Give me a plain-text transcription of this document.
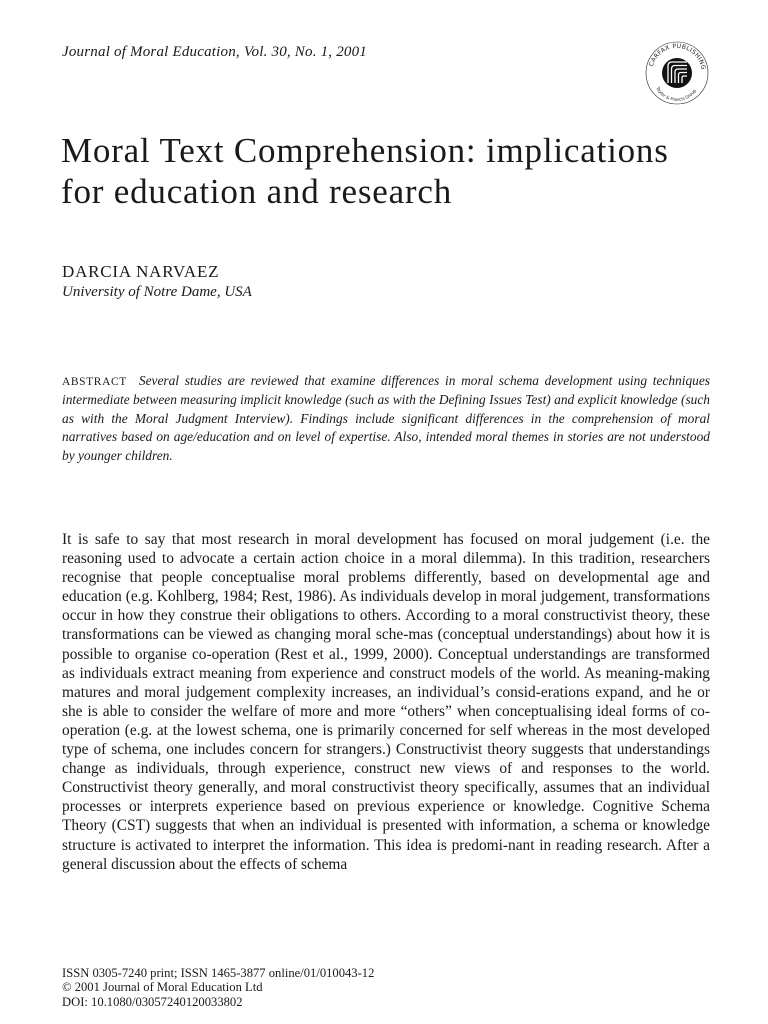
Journal of Moral Education, Vol. 30, No. 1, 2001
CARFAX PUBLISHING
Taylor & Francis Group
Moral Text Comprehension: implications for education and research
DARCIA NARVAEZ
University of Notre Dame, USA
ABSTRACT Several studies are reviewed that examine differences in moral schema development using techniques intermediate between measuring implicit knowledge (such as with the Defining Issues Test) and explicit knowledge (such as with the Moral Judgment Interview). Findings include significant differences in the comprehension of moral narratives based on age/education and on level of expertise. Also, intended moral themes in stories are not understood by younger children.

It is safe to say that most research in moral development has focused on moral judgement (i.e. the reasoning used to advocate a certain action choice in a moral dilemma). In this tradition, researchers recognise that people conceptualise moral problems differently, based on developmental age and education (e.g. Kohlberg, 1984; Rest, 1986). As individuals develop in moral judgement, transformations occur in how they construe their obligations to others. According to a moral constructivist theory, these transformations can be viewed as changing moral sche-mas (conceptual understandings) about how it is possible to organise co-operation (Rest et al., 1999, 2000). Conceptual understandings are transformed as individuals extract meaning from experience and construct models of the world. As meaning-making matures and moral judgement complexity increases, an individual’s consid-erations expand, and he or she is able to consider the welfare of more and more “others” when conceptualising ideal forms of co-operation (e.g. at the lowest schema, one is primarily concerned for self whereas in the most developed type of schema, one includes concern for strangers.) Constructivist theory suggests that understandings change as individuals, through experience, construct new views of and responses to the world. Constructivist theory generally, and moral constructivist theory specifically, assumes that an individual processes or interprets experience based on previous experience or knowledge. Cognitive Schema Theory (CST) suggests that when an individual is presented with information, a schema or knowledge structure is activated to interpret the information. This idea is predomi-nant in reading research. After a general discussion about the effects of schema

ISSN 0305-7240 print; ISSN 1465-3877 online/01/010043-12
© 2001 Journal of Moral Education Ltd
DOI: 10.1080/03057240120033802
